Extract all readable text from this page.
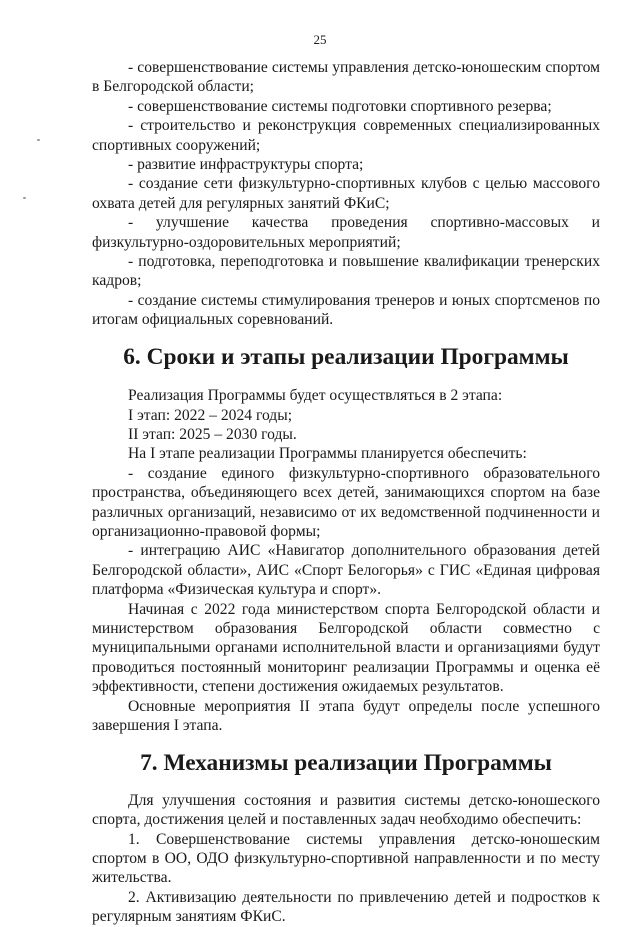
25

- совершенствование системы управления детско-юношеским спортом в Белгородской области;

- совершенствование системы подготовки спортивного резерва;

- строительство и реконструкция современных специализированных спортивных сооружений;

- развитие инфраструктуры спорта;

- создание сети физкультурно-спортивных клубов с целью массового охвата детей для регулярных занятий ФКиС;

- улучшение качества проведения спортивно-массовых и физкультурно-оздоровительных мероприятий;

- подготовка, переподготовка и повышение квалификации тренерских кадров;

- создание системы стимулирования тренеров и юных спортсменов по итогам официальных соревнований.

6. Сроки и этапы реализации Программы

Реализация Программы будет осуществляться в 2 этапа:

I этап: 2022 – 2024 годы;

II этап: 2025 – 2030 годы.

На I этапе реализации Программы планируется обеспечить:

- создание единого физкультурно-спортивного образовательного пространства, объединяющего всех детей, занимающихся спортом на базе различных организаций, независимо от их ведомственной подчиненности и организационно-правовой формы;

- интеграцию АИС «Навигатор дополнительного образования детей Белгородской области», АИС «Спорт Белогорья» с ГИС «Единая цифровая платформа «Физическая культура и спорт».

Начиная с 2022 года министерством спорта Белгородской области и министерством образования Белгородской области совместно с муниципальными органами исполнительной власти и организациями будут проводиться постоянный мониторинг реализации Программы и оценка её эффективности, степени достижения ожидаемых результатов.

Основные мероприятия II этапа будут определы после успешного завершения I этапа.

7. Механизмы реализации Программы

Для улучшения состояния и развития системы детско-юношеского спорта, достижения целей и поставленных задач необходимо обеспечить:

1. Совершенствование системы управления детско-юношеским спортом в ОО, ОДО физкультурно-спортивной направленности и по месту жительства.

2. Активизацию деятельности по привлечению детей и подростков к регулярным занятиям ФКиС.
